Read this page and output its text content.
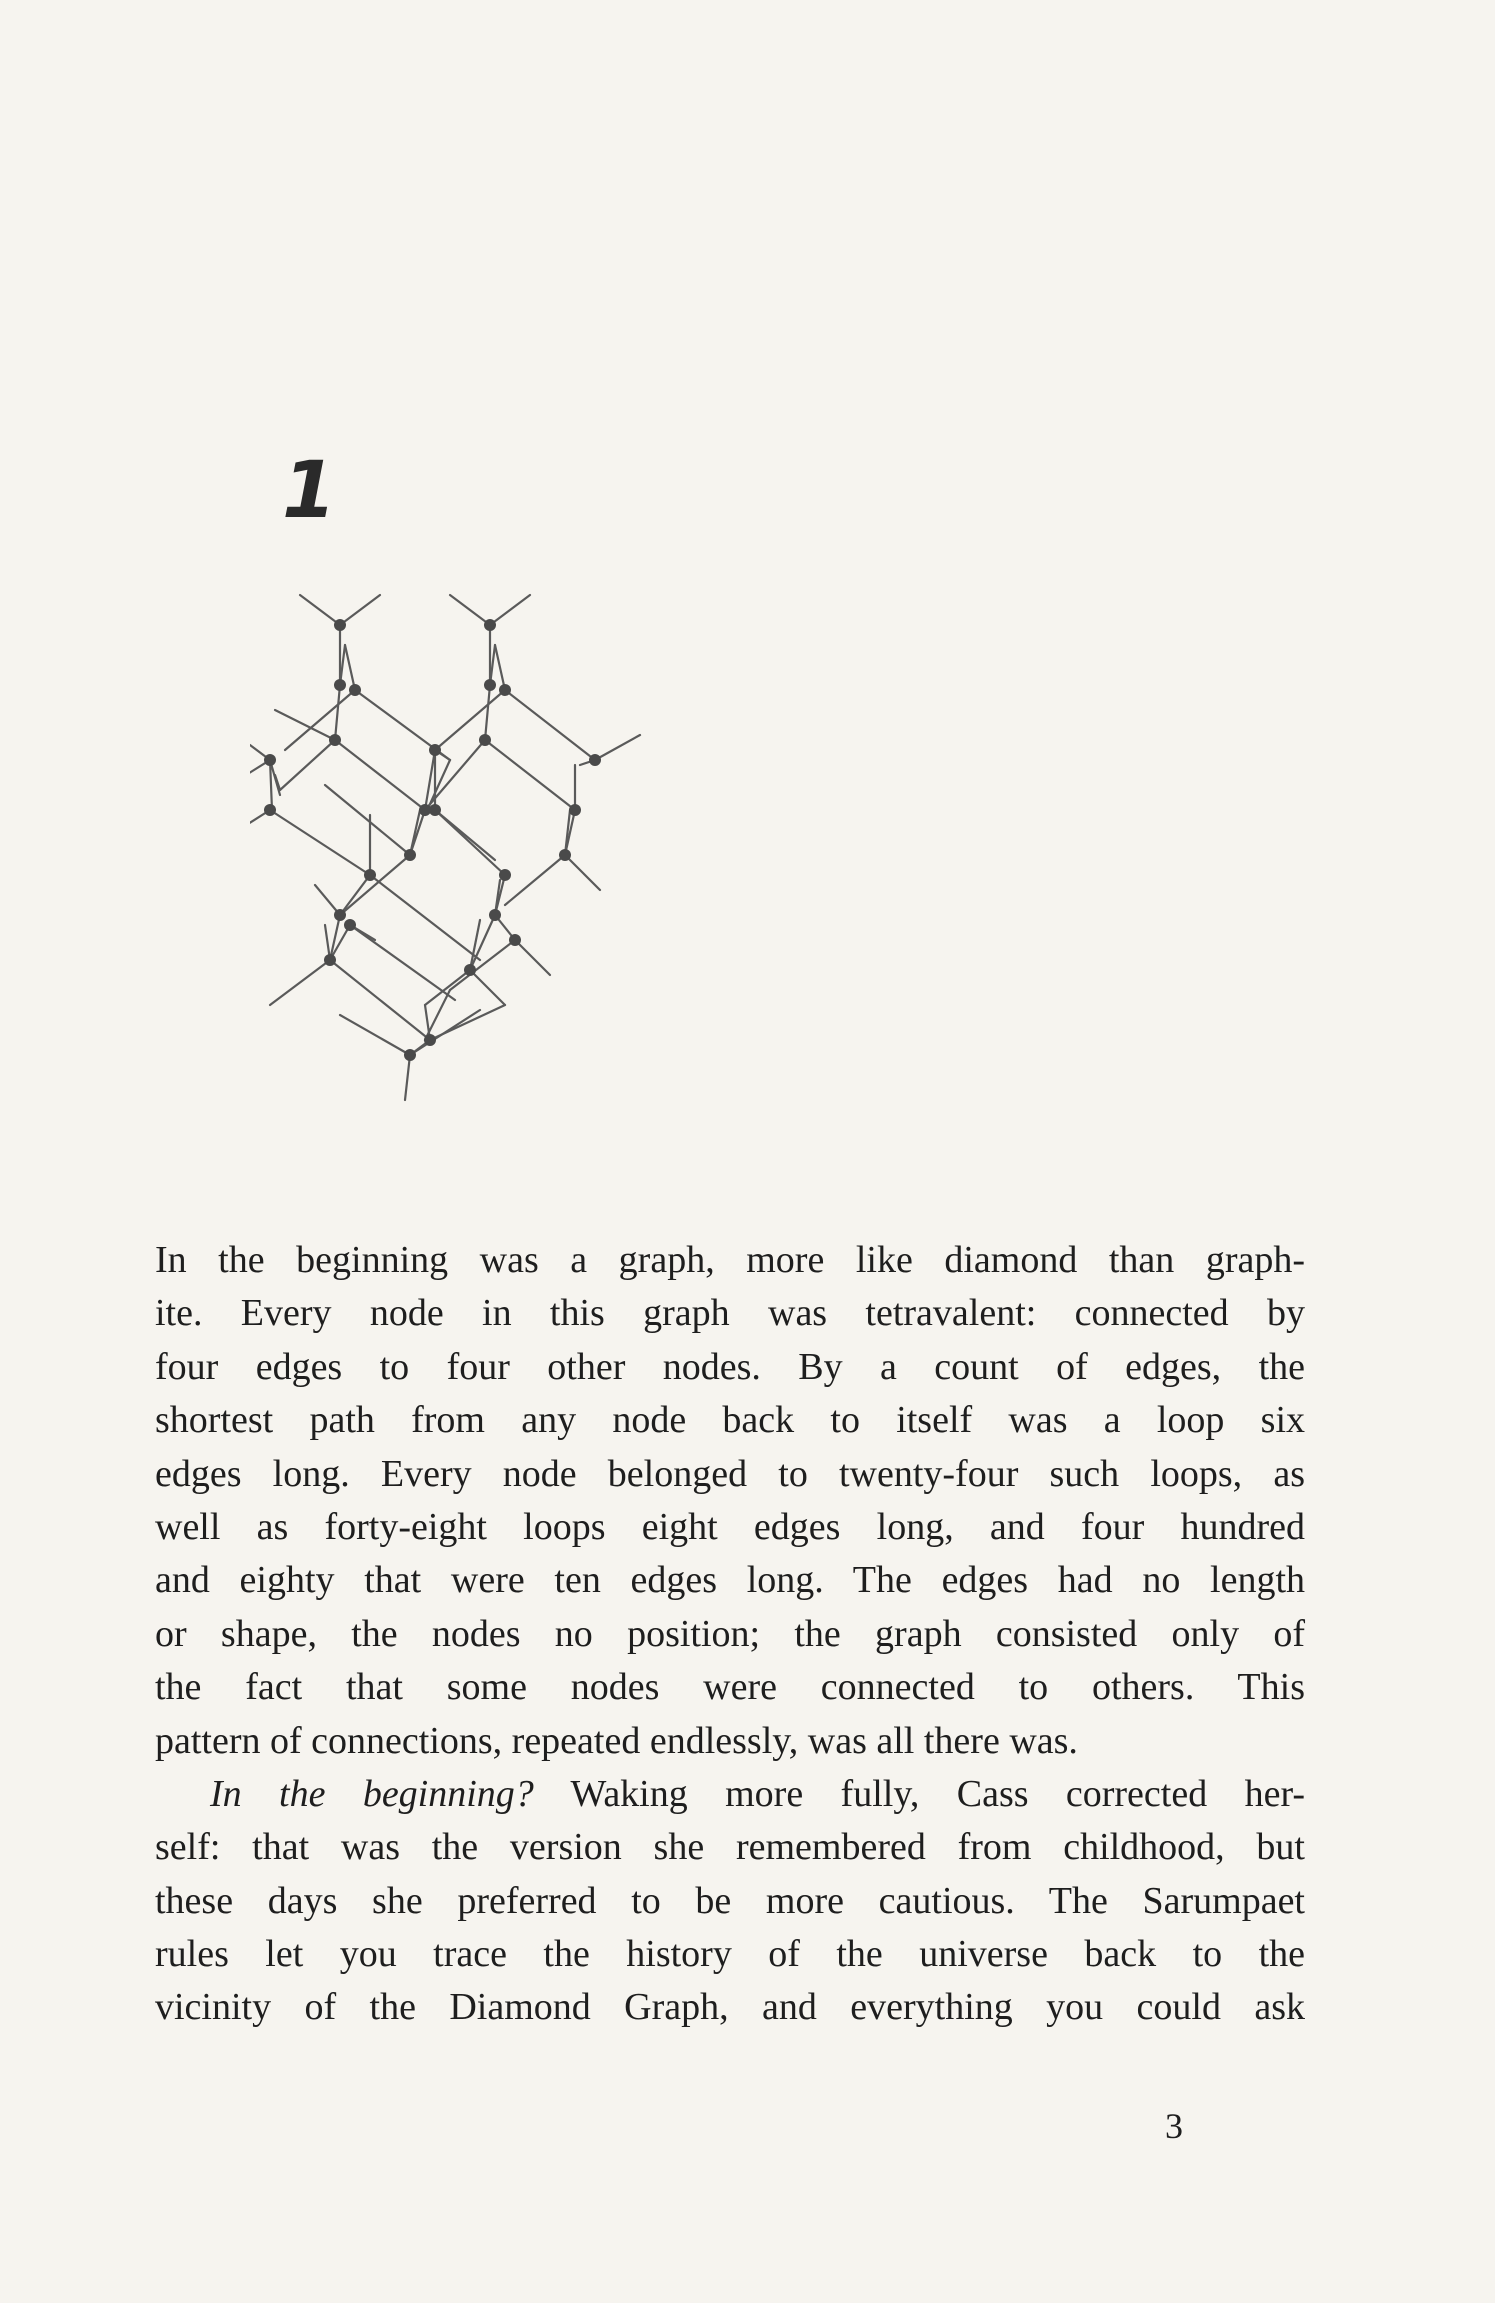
1
In the beginning was a graph, more like diamond than graph-
ite. Every node in this graph was tetravalent: connected by
four edges to four other nodes. By a count of edges, the
shortest path from any node back to itself was a loop six
edges long. Every node belonged to twenty-four such loops, as
well as forty-eight loops eight edges long, and four hundred
and eighty that were ten edges long. The edges had no length
or shape, the nodes no position; the graph consisted only of
the fact that some nodes were connected to others. This
pattern of connections, repeated endlessly, was all there was.
In the beginning? Waking more fully, Cass corrected her-
self: that was the version she remembered from childhood, but
these days she preferred to be more cautious. The Sarumpaet
rules let you trace the history of the universe back to the
vicinity of the Diamond Graph, and everything you could ask
3
